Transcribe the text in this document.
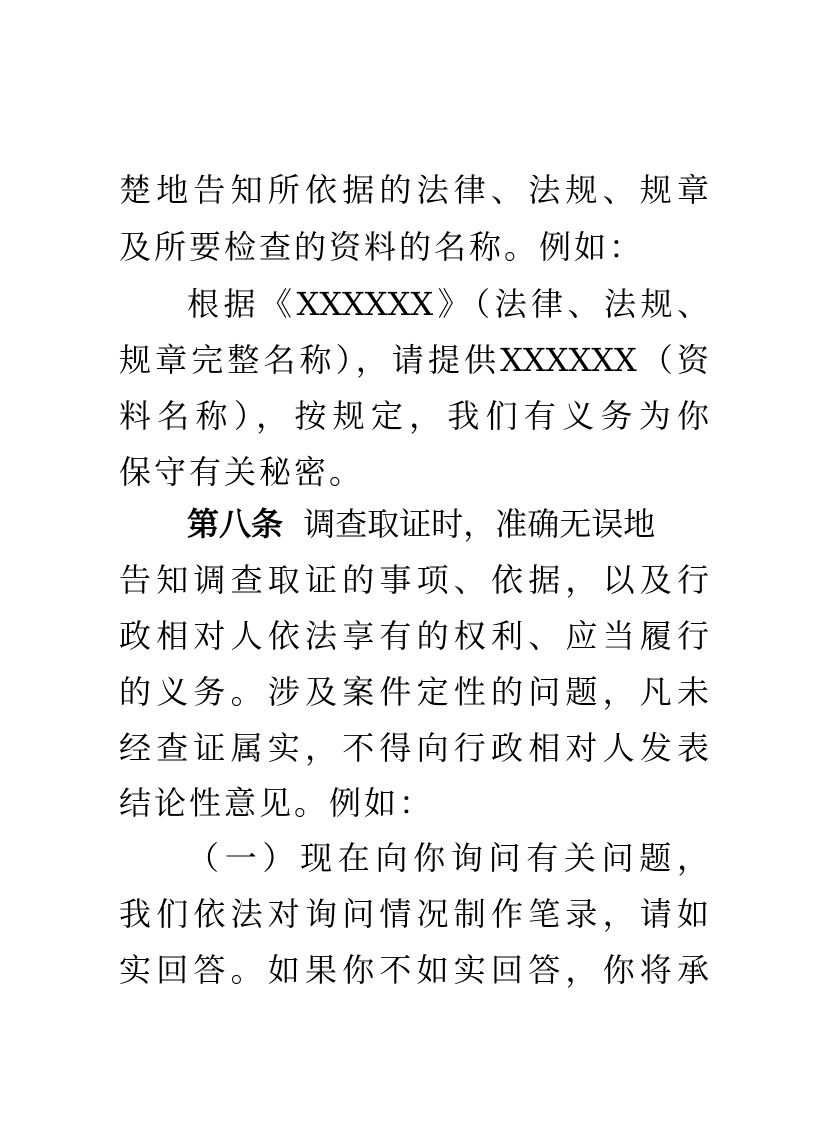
楚地告知所依据的法律、法规、规章
及所要检查的资料的名称。例如：
根据《XXXXXX》（法律、法规、
规章完整名称），请提供XXXXXX（资
料名称），按规定，我们有义务为你
保守有关秘密。
第八条 调查取证时，准确无误地
告知调查取证的事项、依据，以及行
政相对人依法享有的权利、应当履行
的义务。涉及案件定性的问题，凡未
经查证属实，不得向行政相对人发表
结论性意见。例如：
（一）现在向你询问有关问题，
我们依法对询问情况制作笔录，请如
实回答。如果你不如实回答，你将承
